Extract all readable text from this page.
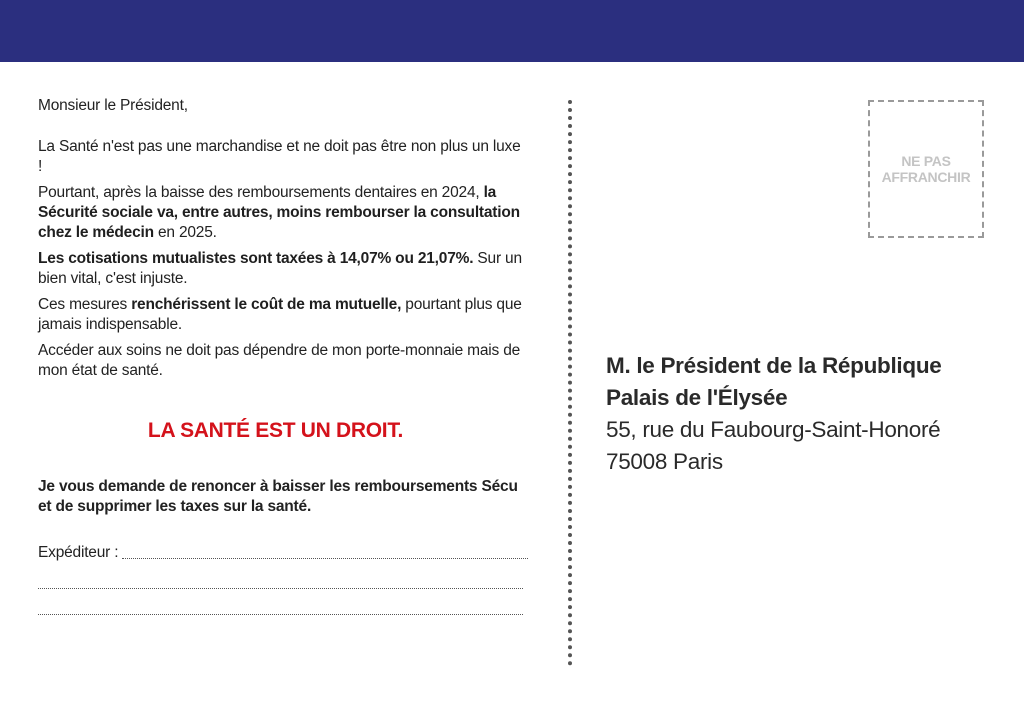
Monsieur le Président,

La Santé n'est pas une marchandise et ne doit pas être non plus un luxe !

Pourtant, après la baisse des remboursements dentaires en 2024, la Sécurité sociale va, entre autres, moins rembourser la consultation chez le médecin en 2025.

Les cotisations mutualistes sont taxées à 14,07% ou 21,07%. Sur un bien vital, c'est injuste.

Ces mesures renchérissent le coût de ma mutuelle, pourtant plus que jamais indispensable.

Accéder aux soins ne doit pas dépendre de mon porte-monnaie mais de mon état de santé.

LA SANTÉ EST UN DROIT.

Je vous demande de renoncer à baisser les remboursements Sécu et de supprimer les taxes sur la santé.

Expéditeur :
NE PAS AFFRANCHIR
M. le Président de la République
Palais de l'Élysée
55, rue du Faubourg-Saint-Honoré
75008 Paris
